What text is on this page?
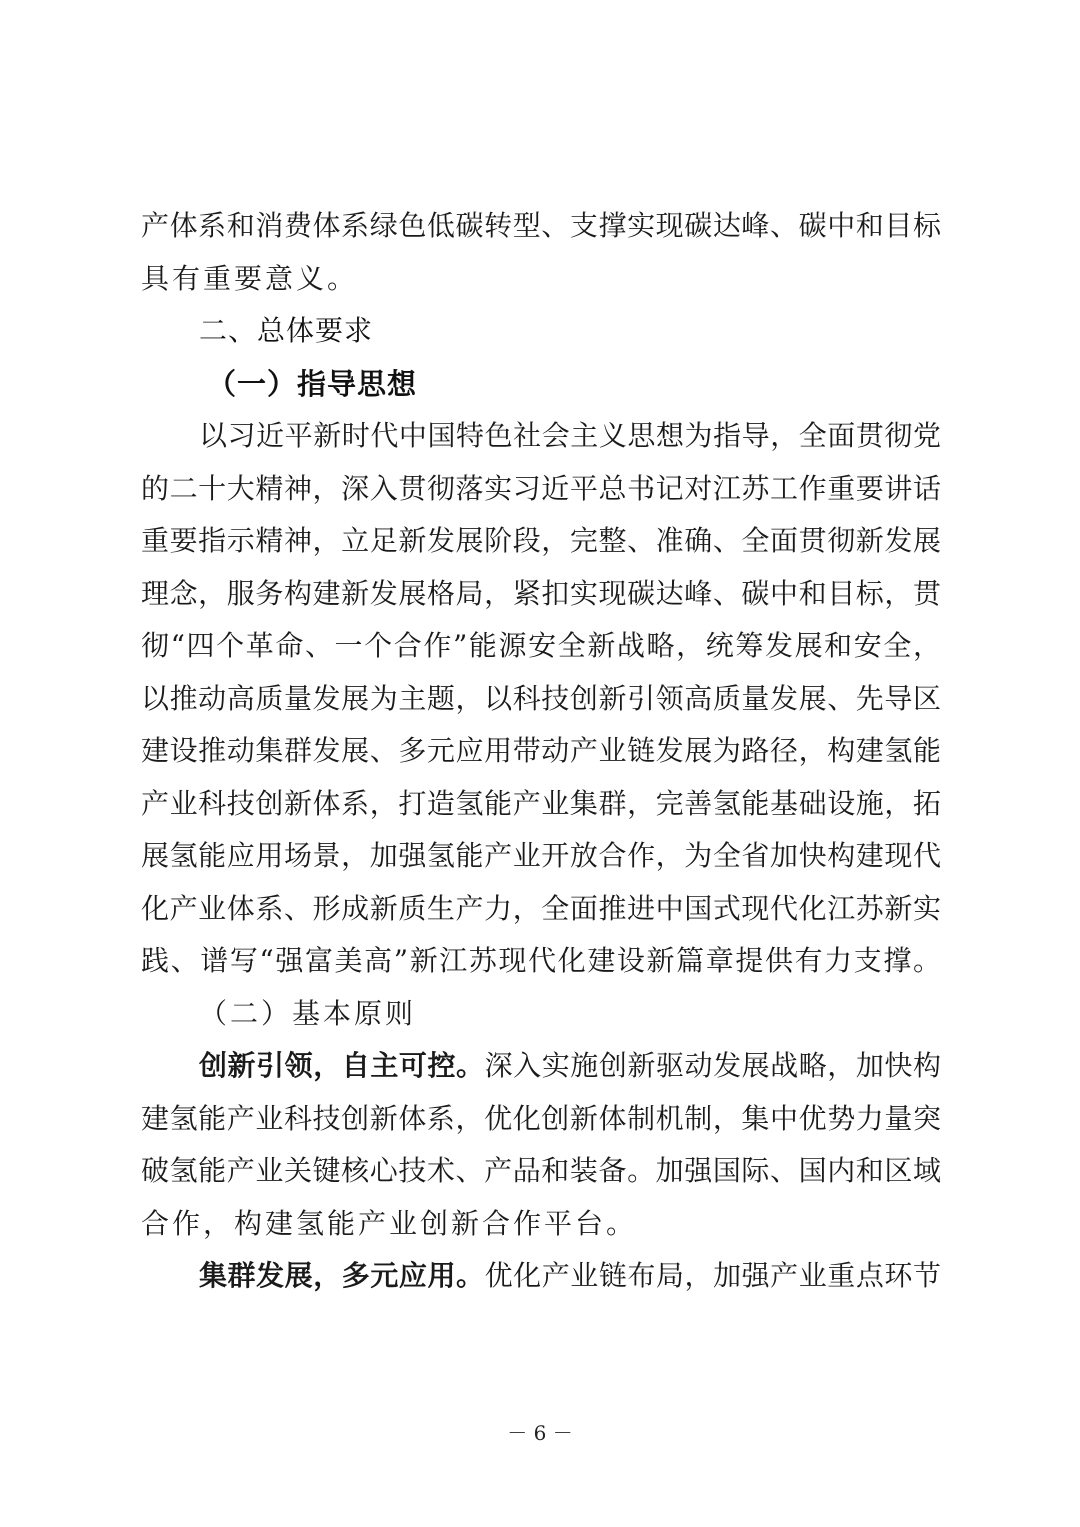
产体系和消费体系绿色低碳转型、支撑实现碳达峰、碳中和目标
具有重要意义。
二、总体要求
（一）指导思想
以习近平新时代中国特色社会主义思想为指导，全面贯彻党
的二十大精神，深入贯彻落实习近平总书记对江苏工作重要讲话
重要指示精神，立足新发展阶段，完整、准确、全面贯彻新发展
理念，服务构建新发展格局，紧扣实现碳达峰、碳中和目标，贯
彻“四个革命、一个合作”能源安全新战略，统筹发展和安全，
以推动高质量发展为主题，以科技创新引领高质量发展、先导区
建设推动集群发展、多元应用带动产业链发展为路径，构建氢能
产业科技创新体系，打造氢能产业集群，完善氢能基础设施，拓
展氢能应用场景，加强氢能产业开放合作，为全省加快构建现代
化产业体系、形成新质生产力，全面推进中国式现代化江苏新实
践、谱写“强富美高”新江苏现代化建设新篇章提供有力支撑。
（二）基本原则
创新引领，自主可控。深入实施创新驱动发展战略，加快构
建氢能产业科技创新体系，优化创新体制机制，集中优势力量突
破氢能产业关键核心技术、产品和装备。加强国际、国内和区域
合作，构建氢能产业创新合作平台。
集群发展，多元应用。优化产业链布局，加强产业重点环节
－ 6 －
